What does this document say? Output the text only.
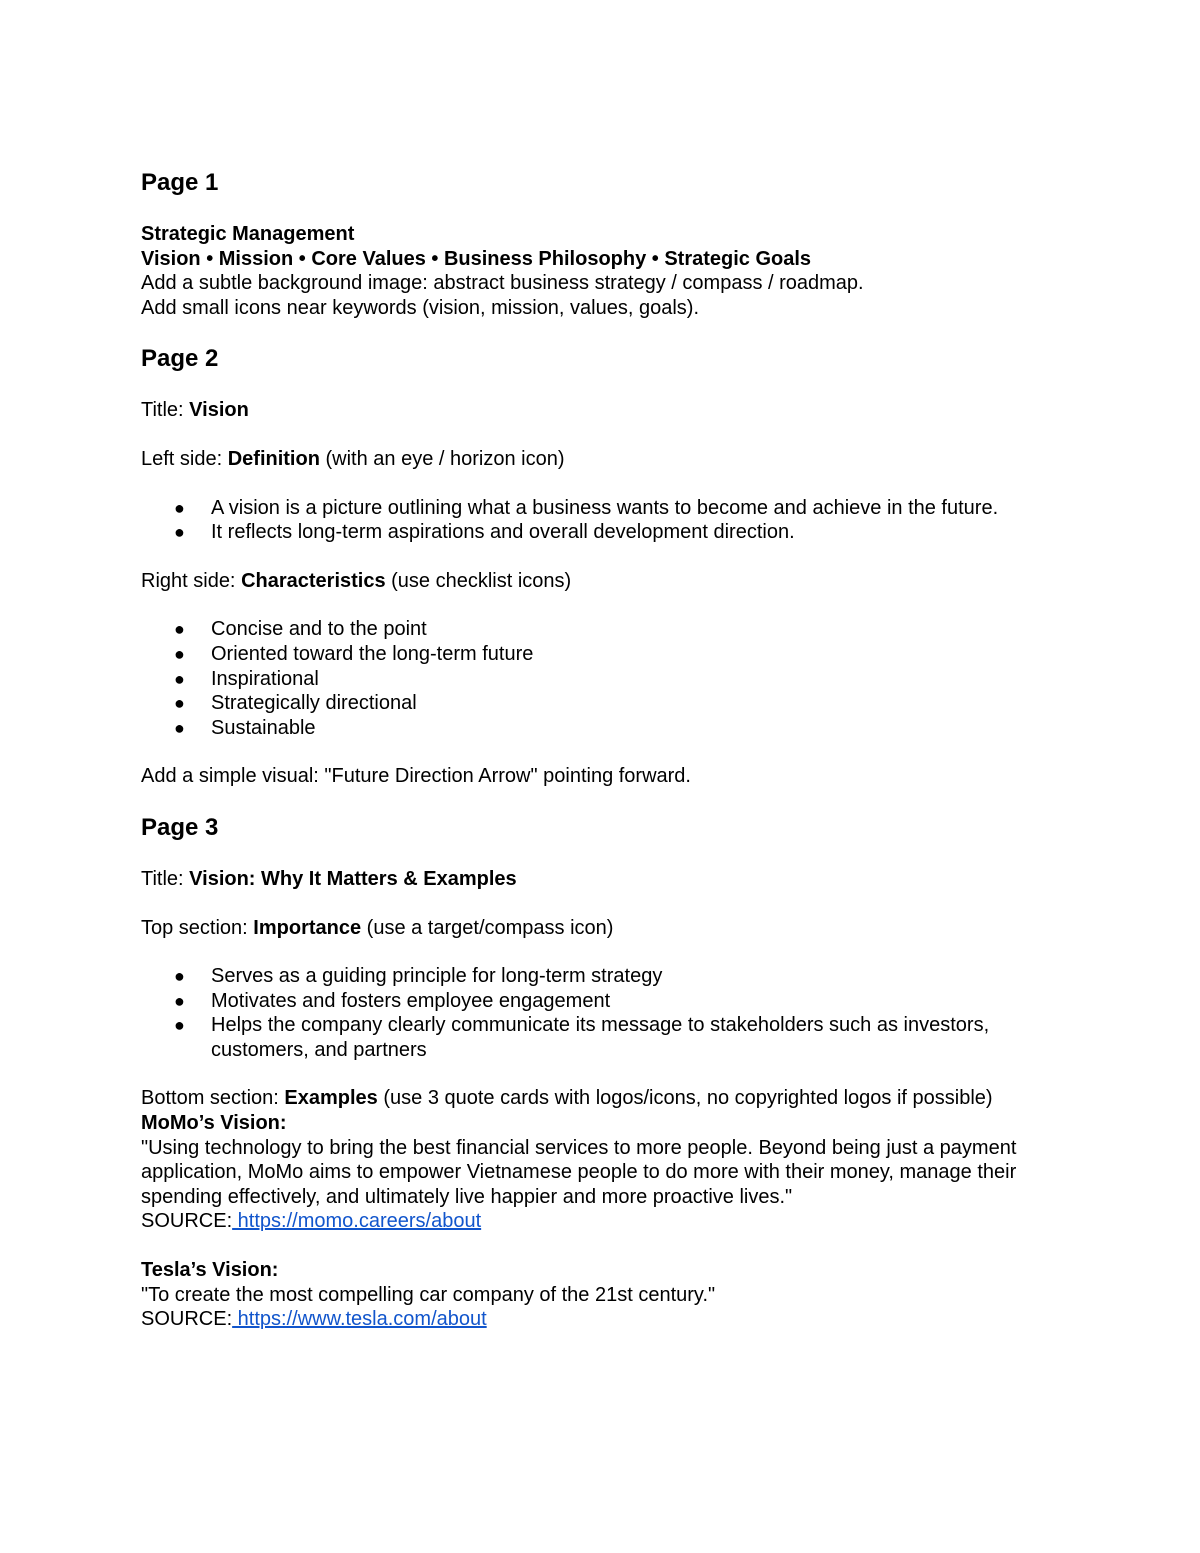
Page 1

Strategic Management

Vision • Mission • Core Values • Business Philosophy • Strategic Goals

Add a subtle background image: abstract business strategy / compass / roadmap.

Add small icons near keywords (vision, mission, values, goals).

Page 2

Title: Vision

Left side: Definition (with an eye / horizon icon)

● A vision is a picture outlining what a business wants to become and achieve in the future.
● It reflects long-term aspirations and overall development direction.

Right side: Characteristics (use checklist icons)

● Concise and to the point
● Oriented toward the long-term future
● Inspirational
● Strategically directional
● Sustainable

Add a simple visual: "Future Direction Arrow" pointing forward.

Page 3

Title: Vision: Why It Matters & Examples

Top section: Importance (use a target/compass icon)

● Serves as a guiding principle for long-term strategy
● Motivates and fosters employee engagement
● Helps the company clearly communicate its message to stakeholders such as investors, customers, and partners

Bottom section: Examples (use 3 quote cards with logos/icons, no copyrighted logos if possible)

MoMo’s Vision:

"Using technology to bring the best financial services to more people. Beyond being just a payment application, MoMo aims to empower Vietnamese people to do more with their money, manage their spending effectively, and ultimately live happier and more proactive lives."

SOURCE: https://momo.careers/about

Tesla’s Vision:

"To create the most compelling car company of the 21st century."

SOURCE: https://www.tesla.com/about
